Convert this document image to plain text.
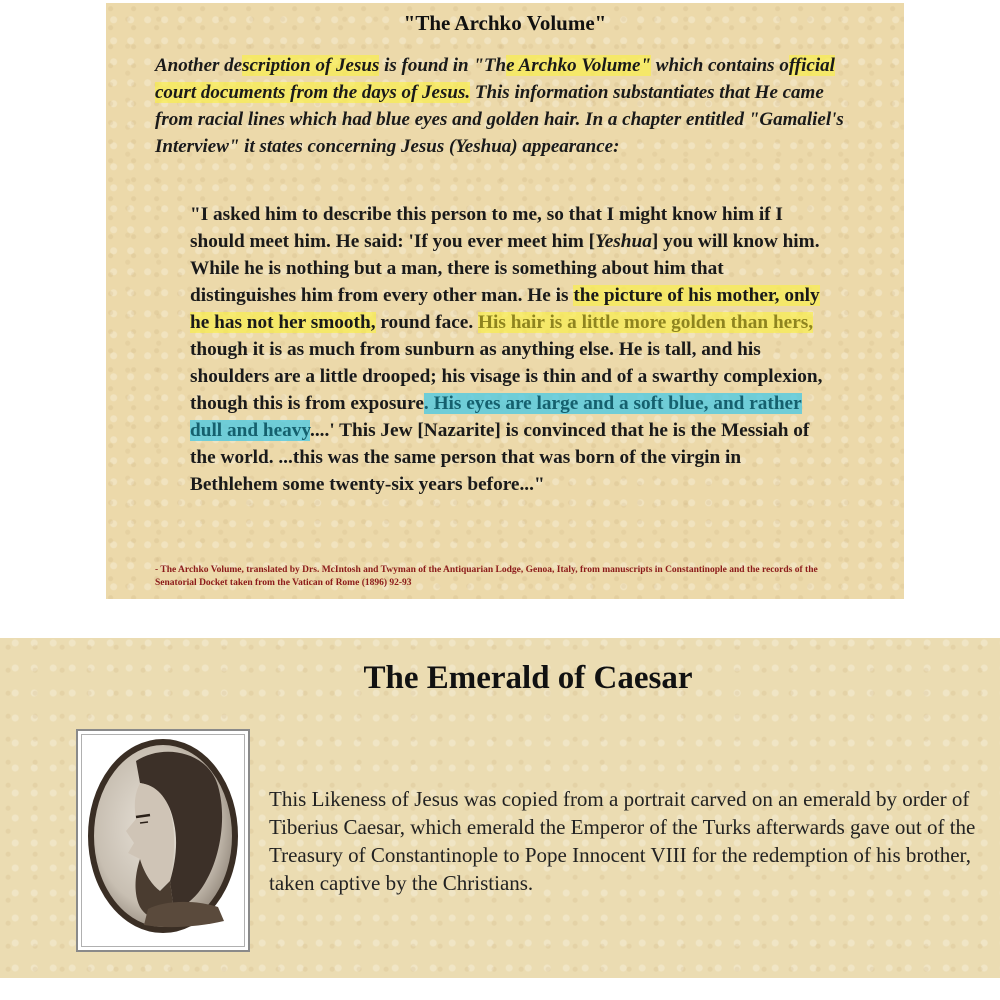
"The Archko Volume"

Another description of Jesus is found in "The Archko Volume" which contains official court documents from the days of Jesus. This information substantiates that He came from racial lines which had blue eyes and golden hair. In a chapter entitled "Gamaliel's Interview" it states concerning Jesus (Yeshua) appearance:

"I asked him to describe this person to me, so that I might know him if I should meet him. He said: 'If you ever meet him [Yeshua] you will know him. While he is nothing but a man, there is something about him that distinguishes him from every other man. He is the picture of his mother, only he has not her smooth, round face. His hair is a little more golden than hers, though it is as much from sunburn as anything else. He is tall, and his shoulders are a little drooped; his visage is thin and of a swarthy complexion, though this is from exposure. His eyes are large and a soft blue, and rather dull and heavy....' This Jew [Nazarite] is convinced that he is the Messiah of the world. ...this was the same person that was born of the virgin in Bethlehem some twenty-six years before..."

- The Archko Volume, translated by Drs. McIntosh and Twyman of the Antiquarian Lodge, Genoa, Italy, from manuscripts in Constantinople and the records of the Senatorial Docket taken from the Vatican of Rome (1896) 92-93

The Emerald of Caesar

This Likeness of Jesus was copied from a portrait carved on an emerald by order of Tiberius Caesar, which emerald the Emperor of the Turks afterwards gave out of the Treasury of Constantinople to Pope Innocent VIII for the redemption of his brother, taken captive by the Christians.
